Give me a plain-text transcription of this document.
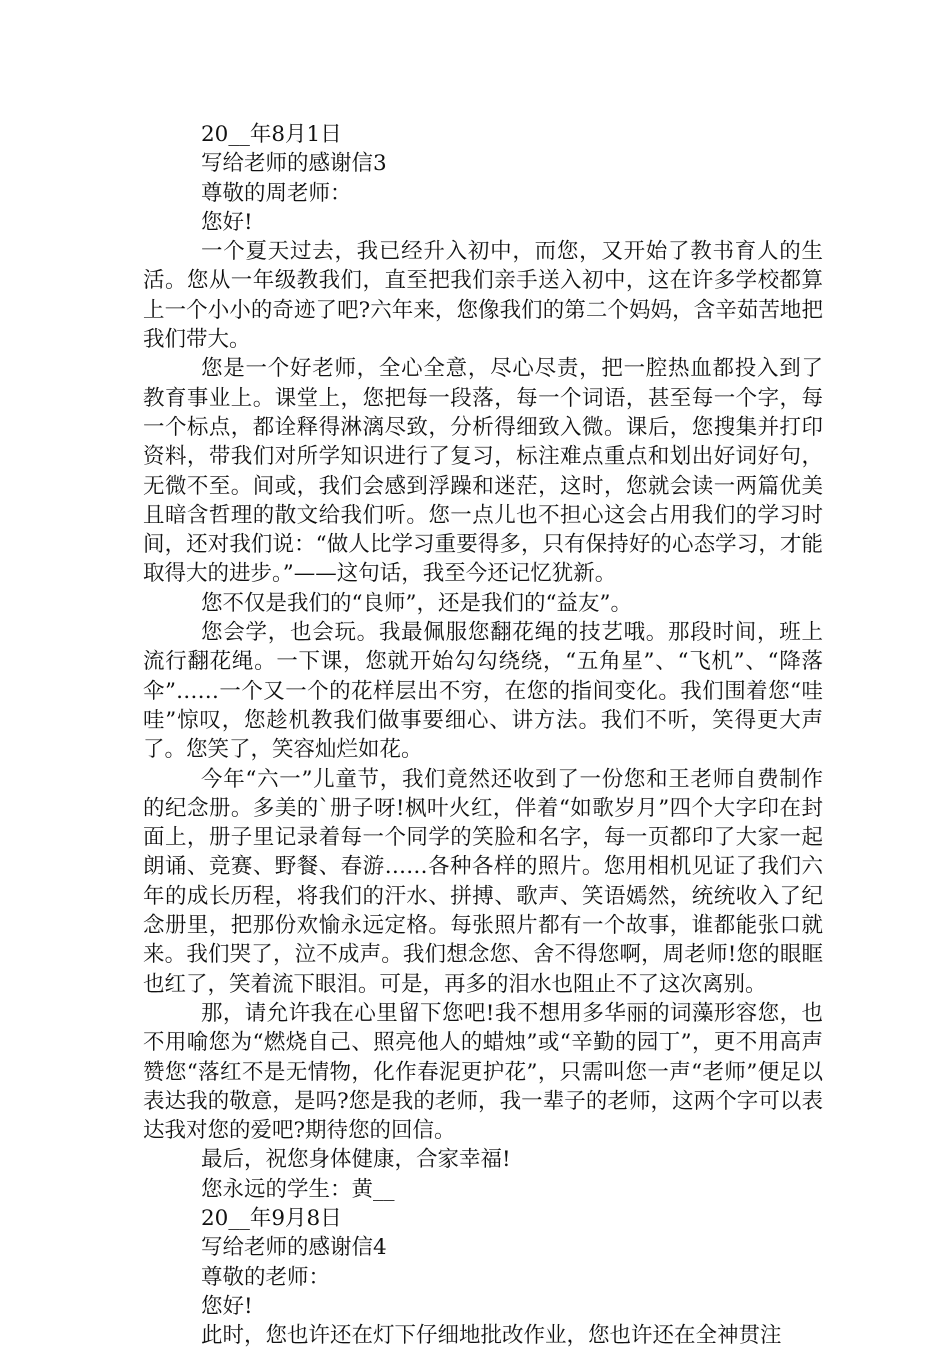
20__年8月1日

写给老师的感谢信3

尊敬的周老师：

您好!

一个夏天过去，我已经升入初中，而您，又开始了教书育人的生活。您从一年级教我们，直至把我们亲手送入初中，这在许多学校都算上一个小小的奇迹了吧?六年来，您像我们的第二个妈妈，含辛茹苦地把我们带大。

您是一个好老师，全心全意，尽心尽责，把一腔热血都投入到了教育事业上。课堂上，您把每一段落，每一个词语，甚至每一个字，每一个标点，都诠释得淋漓尽致，分析得细致入微。课后，您搜集并打印资料，带我们对所学知识进行了复习，标注难点重点和划出好词好句，无微不至。间或，我们会感到浮躁和迷茫，这时，您就会读一两篇优美且暗含哲理的散文给我们听。您一点儿也不担心这会占用我们的学习时间，还对我们说：“做人比学习重要得多，只有保持好的心态学习，才能取得大的进步。”——这句话，我至今还记忆犹新。

您不仅是我们的“良师”，还是我们的“益友”。

您会学，也会玩。我最佩服您翻花绳的技艺哦。那段时间，班上流行翻花绳。一下课，您就开始勾勾绕绕，“五角星”、“飞机”、“降落伞”……一个又一个的花样层出不穷，在您的指间变化。我们围着您“哇哇”惊叹，您趁机教我们做事要细心、讲方法。我们不听，笑得更大声了。您笑了，笑容灿烂如花。

今年“六一”儿童节，我们竟然还收到了一份您和王老师自费制作的纪念册。多美的`册子呀!枫叶火红，伴着“如歌岁月”四个大字印在封面上，册子里记录着每一个同学的笑脸和名字，每一页都印了大家一起朗诵、竞赛、野餐、春游……各种各样的照片。您用相机见证了我们六年的成长历程，将我们的汗水、拼搏、歌声、笑语嫣然，统统收入了纪念册里，把那份欢愉永远定格。每张照片都有一个故事，谁都能张口就来。我们哭了，泣不成声。我们想念您、舍不得您啊，周老师!您的眼眶也红了，笑着流下眼泪。可是，再多的泪水也阻止不了这次离别。

那，请允许我在心里留下您吧!我不想用多华丽的词藻形容您，也不用喻您为“燃烧自己、照亮他人的蜡烛”或“辛勤的园丁”，更不用高声赞您“落红不是无情物，化作春泥更护花”，只需叫您一声“老师”便足以表达我的敬意，是吗?您是我的老师，我一辈子的老师，这两个字可以表达我对您的爱吧?期待您的回信。

最后，祝您身体健康，合家幸福!

您永远的学生：黄__

20__年9月8日

写给老师的感谢信4

尊敬的老师：

您好!

此时，您也许还在灯下仔细地批改作业，您也许还在全神贯注
